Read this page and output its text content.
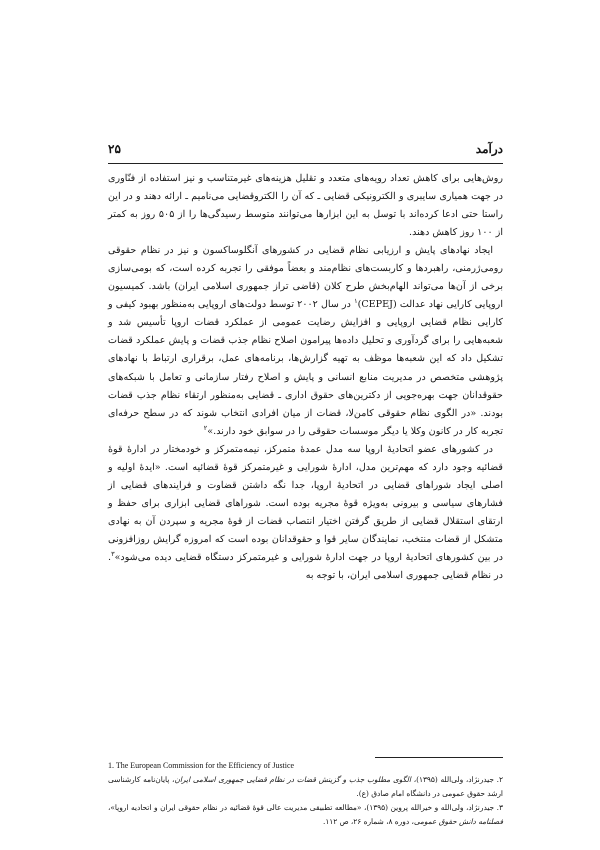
درآمد
۲۵

روش‌هایی برای کاهش تعداد رویه‌های متعدد و تقلیل هزینه‌های غیرمتناسب و نیز استفاده از فنّاوری در جهت همیاری سایبری و الکترونیکی قضایی ـ که آن را الکتروقضایی می‌نامیم ـ ارائه دهند و در این راستا حتی ادعا کرده‌اند با توسل به این ابزارها می‌توانند متوسط رسیدگی‌ها را از ۵۰۵ روز به کمتر از ۱۰۰ روز کاهش دهند.

ایجاد نهادهای پایش و ارزیابی نظام قضایی در کشورهای آنگلوساکسون و نیز در نظام حقوقی رومی‌ژرمنی، راهبردها و کاربست‌های نظام‌مند و بعضاً موفقی را تجربه کرده است، که بومی‌سازی برخی از آن‌ها می‌تواند الهام‌بخش طرح کلان (قاضی تراز جمهوری اسلامی ایران) باشد. کمیسیون اروپایی کارایی نهاد عدالت (CEPEJ)$^۱$ در سال ۲۰۰۲ توسط دولت‌های اروپایی به‌منظور بهبود کیفی و کارایی نظام قضایی اروپایی و افزایش رضایت عمومی از عملکرد قضات اروپا تأسیس شد و شعبه‌هایی را برای گردآوری و تحلیل داده‌ها پیرامون اصلاح نظام جذب قضات و پایش عملکرد قضات تشکیل داد که این شعبه‌ها موظف به تهیه گزارش‌ها، برنامه‌های عمل، برقراری ارتباط با نهادهای پژوهشی متخصص در مدیریت منابع انسانی و پایش و اصلاح رفتار سازمانی و تعامل با شبکه‌های حقوقدانان جهت بهره‌جویی از دکترین‌های حقوق اداری ـ قضایی به‌منظور ارتقاء نظام جذب قضات بودند. «در الگوی نظام حقوقی کامن‌لا، قضات از میان افرادی انتخاب شوند که در سطح حرفه‌ای تجربه کار در کانون وکلا یا دیگر موسسات حقوقی را در سوابق خود دارند.»$^۲$

در کشورهای عضو اتحادیهٔ اروپا سه مدل عمدهٔ متمرکز، نیمه‌متمرکز و خودمختار در ادارهٔ قوهٔ قضائیه وجود دارد که مهم‌ترین مدل، ادارهٔ شورایی و غیرمتمرکز قوهٔ قضائیه است. «ایدهٔ اولیه و اصلی ایجاد شوراهای قضایی در اتحادیهٔ اروپا، جدا نگه داشتن قضاوت و فرایندهای قضایی از فشارهای سیاسی و بیرونی به‌ویژه قوهٔ مجریه بوده است. شوراهای قضایی ابزاری برای حفظ و ارتقای استقلال قضایی از طریق گرفتن اختیار انتصاب قضات از قوهٔ مجریه و سپردن آن به نهادی متشکل از قضات منتخب، نمایندگان سایر قوا و حقوقدانان بوده است که امروزه گرایش روزافزونی در بین کشورهای اتحادیهٔ اروپا در جهت ادارهٔ شورایی و غیرمتمرکز دستگاه قضایی دیده می‌شود»$^۳$. در نظام قضایی جمهوری اسلامی ایران، با توجه به

1. The European Commission for the Efficiency of Justice
۲. جیدرنژاد، ولی‌الله (۱۳۹۵)، الگوی مطلوب جذب و گزینش قضات در نظام قضایی جمهوری اسلامی ایران، پایان‌نامه کارشناسی ارشد حقوق عمومی در دانشگاه امام صادق (ع).
۳. جیدرنژاد، ولی‌الله و خیرالله پروین (۱۳۹۵)، «مطالعه تطبیقی مدیریت عالی قوهٔ قضائیه در نظام حقوقی ایران و اتحادیه اروپا»، فصلنامه دانش حقوق عمومی، دوره ۸، شماره ۲۶، ص ۱۱۲.
